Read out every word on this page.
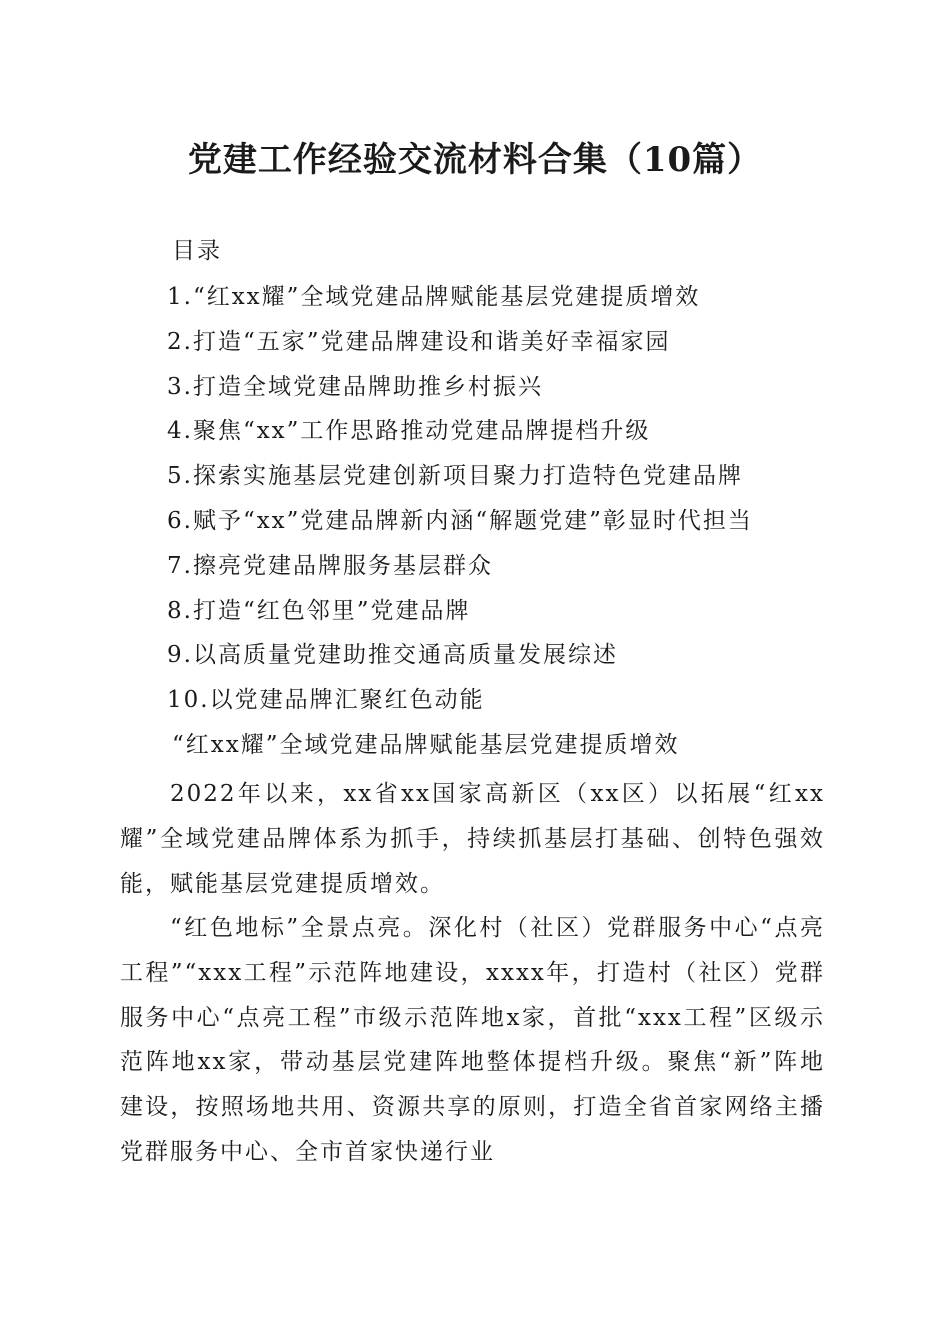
党建工作经验交流材料合集（10篇）
目录
1.“红xx耀”全域党建品牌赋能基层党建提质增效
2.打造“五家”党建品牌建设和谐美好幸福家园
3.打造全域党建品牌助推乡村振兴
4.聚焦“xx”工作思路推动党建品牌提档升级
5.探索实施基层党建创新项目聚力打造特色党建品牌
6.赋予“xx”党建品牌新内涵“解题党建”彰显时代担当
7.擦亮党建品牌服务基层群众
8.打造“红色邻里”党建品牌
9.以高质量党建助推交通高质量发展综述
10.以党建品牌汇聚红色动能
“红xx耀”全域党建品牌赋能基层党建提质增效

2022年以来，xx省xx国家高新区（xx区）以拓展“红xx耀”全域党建品牌体系为抓手，持续抓基层打基础、创特色强效能，赋能基层党建提质增效。

“红色地标”全景点亮。深化村（社区）党群服务中心“点亮工程”“xxx工程”示范阵地建设，xxxx年，打造村（社区）党群服务中心“点亮工程”市级示范阵地x家，首批“xxx工程”区级示范阵地xx家，带动基层党建阵地整体提档升级。聚焦“新”阵地建设，按照场地共用、资源共享的原则，打造全省首家网络主播党群服务中心、全市首家快递行业
